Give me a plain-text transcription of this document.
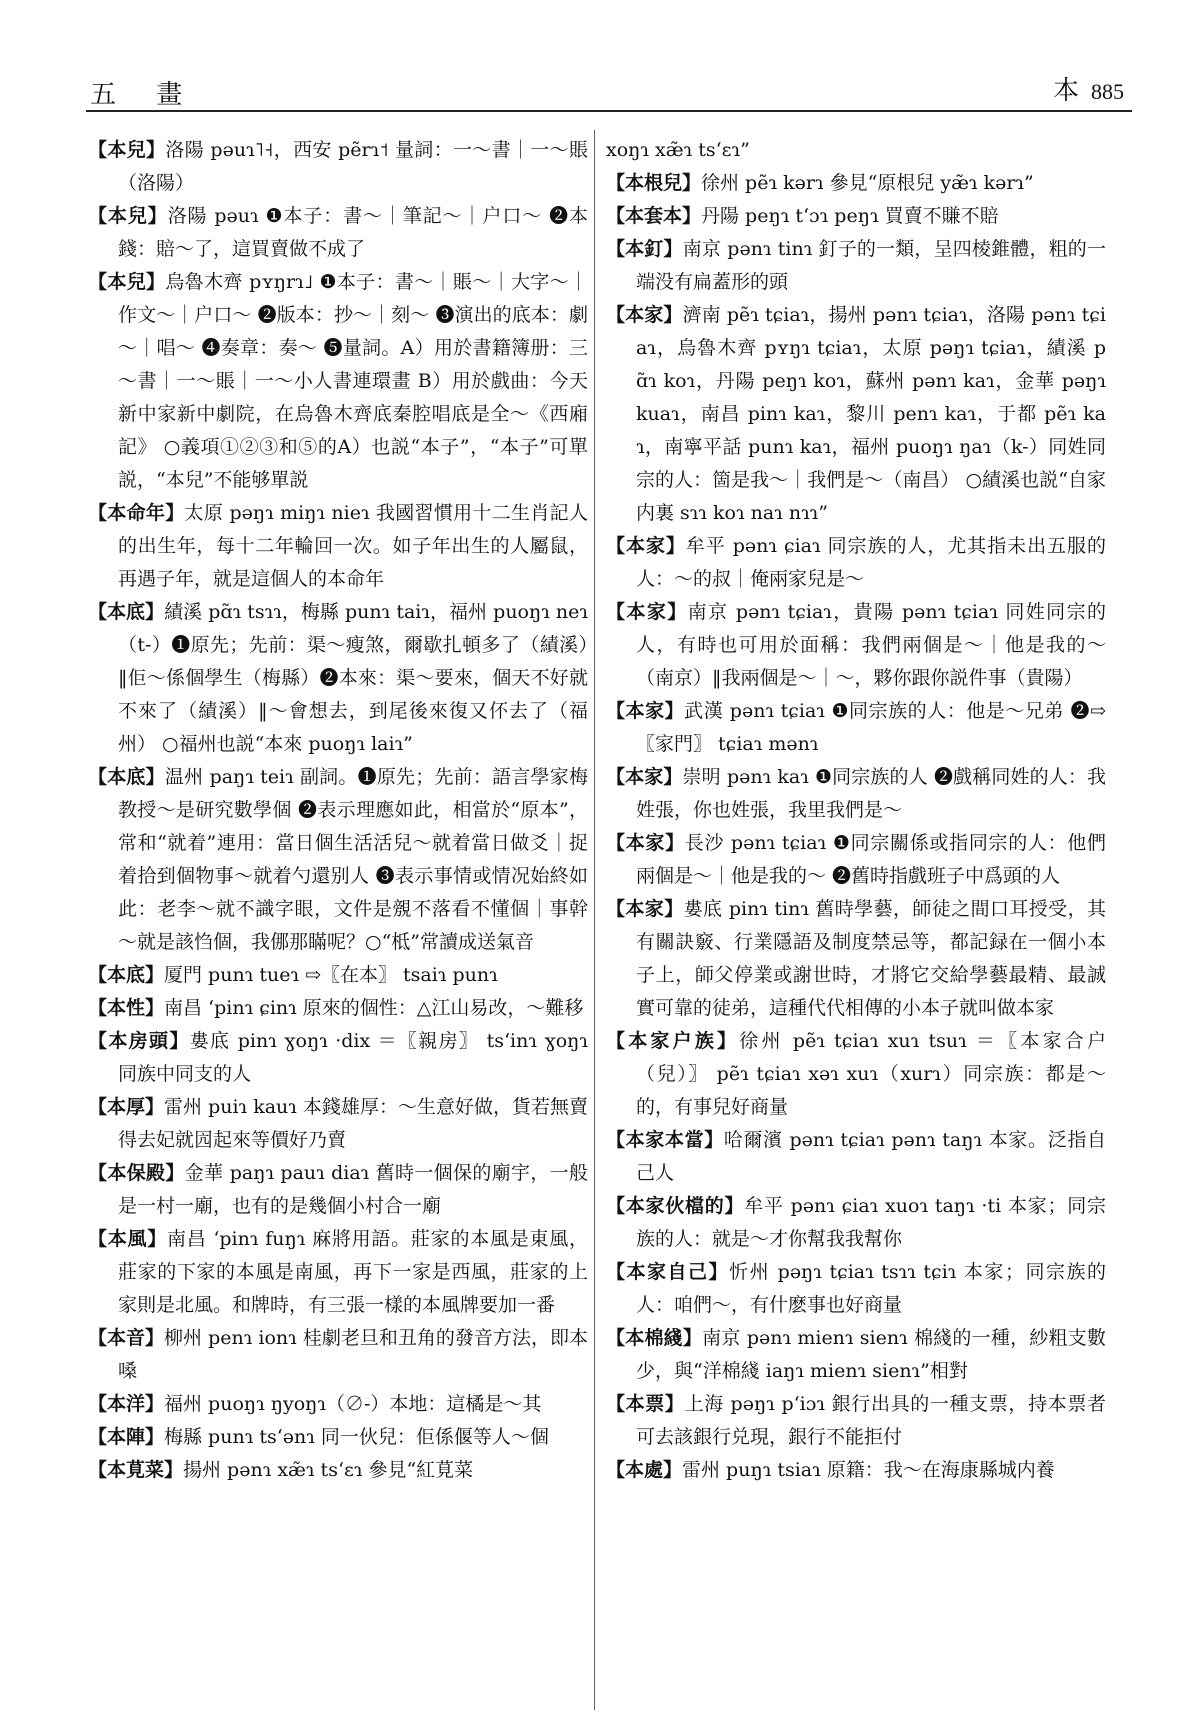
五 畫	本 885

【本兒】洛陽 pəuɿ˥˧，西安 pẽrɿ˦ 量詞：一～書｜一～賬（洛陽）

【本兒】洛陽 pəuɿ ❶本子：書～｜筆記～｜户口～ ❷本錢：賠～了，這買賣做不成了

【本兒】烏魯木齊 pʏŋrɿ˩ ❶本子：書～｜賬～｜大字～｜作文～｜户口～ ❷版本：抄～｜刻～ ❸演出的底本：劇～｜唱～ ❹奏章：奏～ ❺量詞。A）用於書籍簿册：三～書｜一～賬｜一～小人書連環畫 B）用於戲曲：今天新中家新中劇院，在烏魯木齊底秦腔唱底是全～《西廂記》 ○義項①②③和⑤的A）也説“本子”，“本子”可單説，“本兒”不能够單説

【本命年】太原 pəŋɿ miŋɿ nieɿ 我國習慣用十二生肖記人的出生年，每十二年輪回一次。如子年出生的人屬鼠，再遇子年，就是這個人的本命年

【本底】績溪 pɑ̃ɿ tsɿɿ，梅縣 punɿ taiɿ，福州 puoŋɿ neɿ（t-）❶原先；先前：渠～瘦煞，爾歇扎頓多了（績溪）‖佢～係個學生（梅縣）❷本來：渠～要來，個天不好就不來了（績溪）‖～會想去，到尾後來復又伓去了（福州） ○福州也説“本來 puoŋɿ laiɿ”

【本底】温州 paŋɿ teiɿ 副詞。❶原先；先前：語言學家梅教授～是研究數學個 ❷表示理應如此，相當於“原本”，常和“就着”連用：當日個生活活兒～就着當日做爻｜捉着拾到個物事～就着勺還别人 ❸表示事情或情况始終如此：老李～就不識字眼，文件是覫不落看不懂個｜事幹～就是該㤘個，我㑚那瞞呢？○“柢”常讀成送氣音

【本底】厦門 punɿ tueɿ ⇨〖在本〗 tsaiɿ punɿ

【本性】南昌 ʻpinɿ ɕinɿ 原來的個性：△江山易改，～難移

【本房頭】婁底 pinɿ ɣoŋɿ ·dix ＝〖親房〗 tsʻinɿ ɣoŋɿ 同族中同支的人

【本厚】雷州 puiɿ kauɿ 本錢雄厚：～生意好做，貨若無賣得去妃就囥起來等價好乃賣

【本保殿】金華 paŋɿ pauɿ diaɿ 舊時一個保的廟宇，一般是一村一廟，也有的是幾個小村合一廟

【本風】南昌 ʻpinɿ fuŋɿ 麻將用語。莊家的本風是東風，莊家的下家的本風是南風，再下一家是西風，莊家的上家則是北風。和牌時，有三張一樣的本風牌要加一番

【本音】柳州 penɿ ionɿ 桂劇老旦和丑角的發音方法，即本嗓

【本洋】福州 puoŋɿ ŋyoŋɿ（∅-）本地：這橘是～其

【本陣】梅縣 punɿ tsʻənɿ 同一伙兒：佢係偃等人～個

【本莧菜】揚州 pənɿ xæ̃ɿ tsʻɛɿ 參見“紅莧菜

xoŋɿ xæ̃ɿ tsʻɛɿ”

【本根兒】徐州 pẽɿ kərɿ 參見“原根兒 yæ̃ɿ kərɿ”

【本套本】丹陽 peŋɿ tʻɔɿ peŋɿ 買賣不賺不賠

【本釘】南京 pənɿ tinɿ 釘子的一類，呈四棱錐體，粗的一端没有扁蓋形的頭

【本家】濟南 pẽɿ tɕiaɿ，揚州 pənɿ tɕiaɿ，洛陽 pənɿ tɕiaɿ，烏魯木齊 pʏŋɿ tɕiaɿ，太原 pəŋɿ tɕiaɿ，績溪 pɑ̃ɿ koɿ，丹陽 peŋɿ koɿ，蘇州 pənɿ kaɿ，金華 pəŋɿ kuaɿ，南昌 pinɿ kaɿ，黎川 penɿ kaɿ，于都 pẽɿ kaɿ，南寧平話 punɿ kaɿ，福州 puoŋɿ ŋaɿ（k-）同姓同宗的人：箇是我～｜我們是～（南昌） ○績溪也説“自家内裏 sɿɿ koɿ naɿ nɿɿ”

【本家】牟平 pənɿ ɕiaɿ 同宗族的人，尤其指未出五服的人：～的叔｜俺兩家兒是～

【本家】南京 pənɿ tɕiaɿ，貴陽 pənɿ tɕiaɿ 同姓同宗的人，有時也可用於面稱：我們兩個是～｜他是我的～（南京）‖我兩個是～｜～，夥你跟你説件事（貴陽）

【本家】武漢 pənɿ tɕiaɿ ❶同宗族的人：他是～兄弟 ❷⇨〖家門〗 tɕiaɿ mənɿ

【本家】崇明 pənɿ kaɿ ❶同宗族的人 ❷戲稱同姓的人：我姓張，你也姓張，我里我們是～

【本家】長沙 pənɿ tɕiaɿ ❶同宗關係或指同宗的人：他們兩個是～｜他是我的～ ❷舊時指戲班子中爲頭的人

【本家】婁底 pinɿ tinɿ 舊時學藝，師徒之間口耳授受，其有關訣竅、行業隱語及制度禁忌等，都記録在一個小本子上，師父停業或謝世時，才將它交給學藝最精、最誠實可靠的徒弟，這種代代相傳的小本子就叫做本家

【本家户族】徐州 pẽɿ tɕiaɿ xuɿ tsuɿ ＝〖本家合户（兒）〗 pẽɿ tɕiaɿ xəɿ xuɿ（xurɿ）同宗族：都是～的，有事兒好商量

【本家本當】哈爾濱 pənɿ tɕiaɿ pənɿ taŋɿ 本家。泛指自己人

【本家伙檔的】牟平 pənɿ ɕiaɿ xuoɿ taŋɿ ·ti 本家；同宗族的人：就是～才你幫我我幫你

【本家自己】忻州 pəŋɿ tɕiaɿ tsɿɿ tɕiɿ 本家；同宗族的人：咱們～，有什麽事也好商量

【本棉綫】南京 pənɿ mienɿ sienɿ 棉綫的一種，紗粗支數少，與“洋棉綫 iaŋɿ mienɿ sienɿ”相對

【本票】上海 pəŋɿ pʻiɔɿ 銀行出具的一種支票，持本票者可去該銀行兑現，銀行不能拒付

【本處】雷州 puŋɿ tsiaɿ 原籍：我～在海康縣城内養
